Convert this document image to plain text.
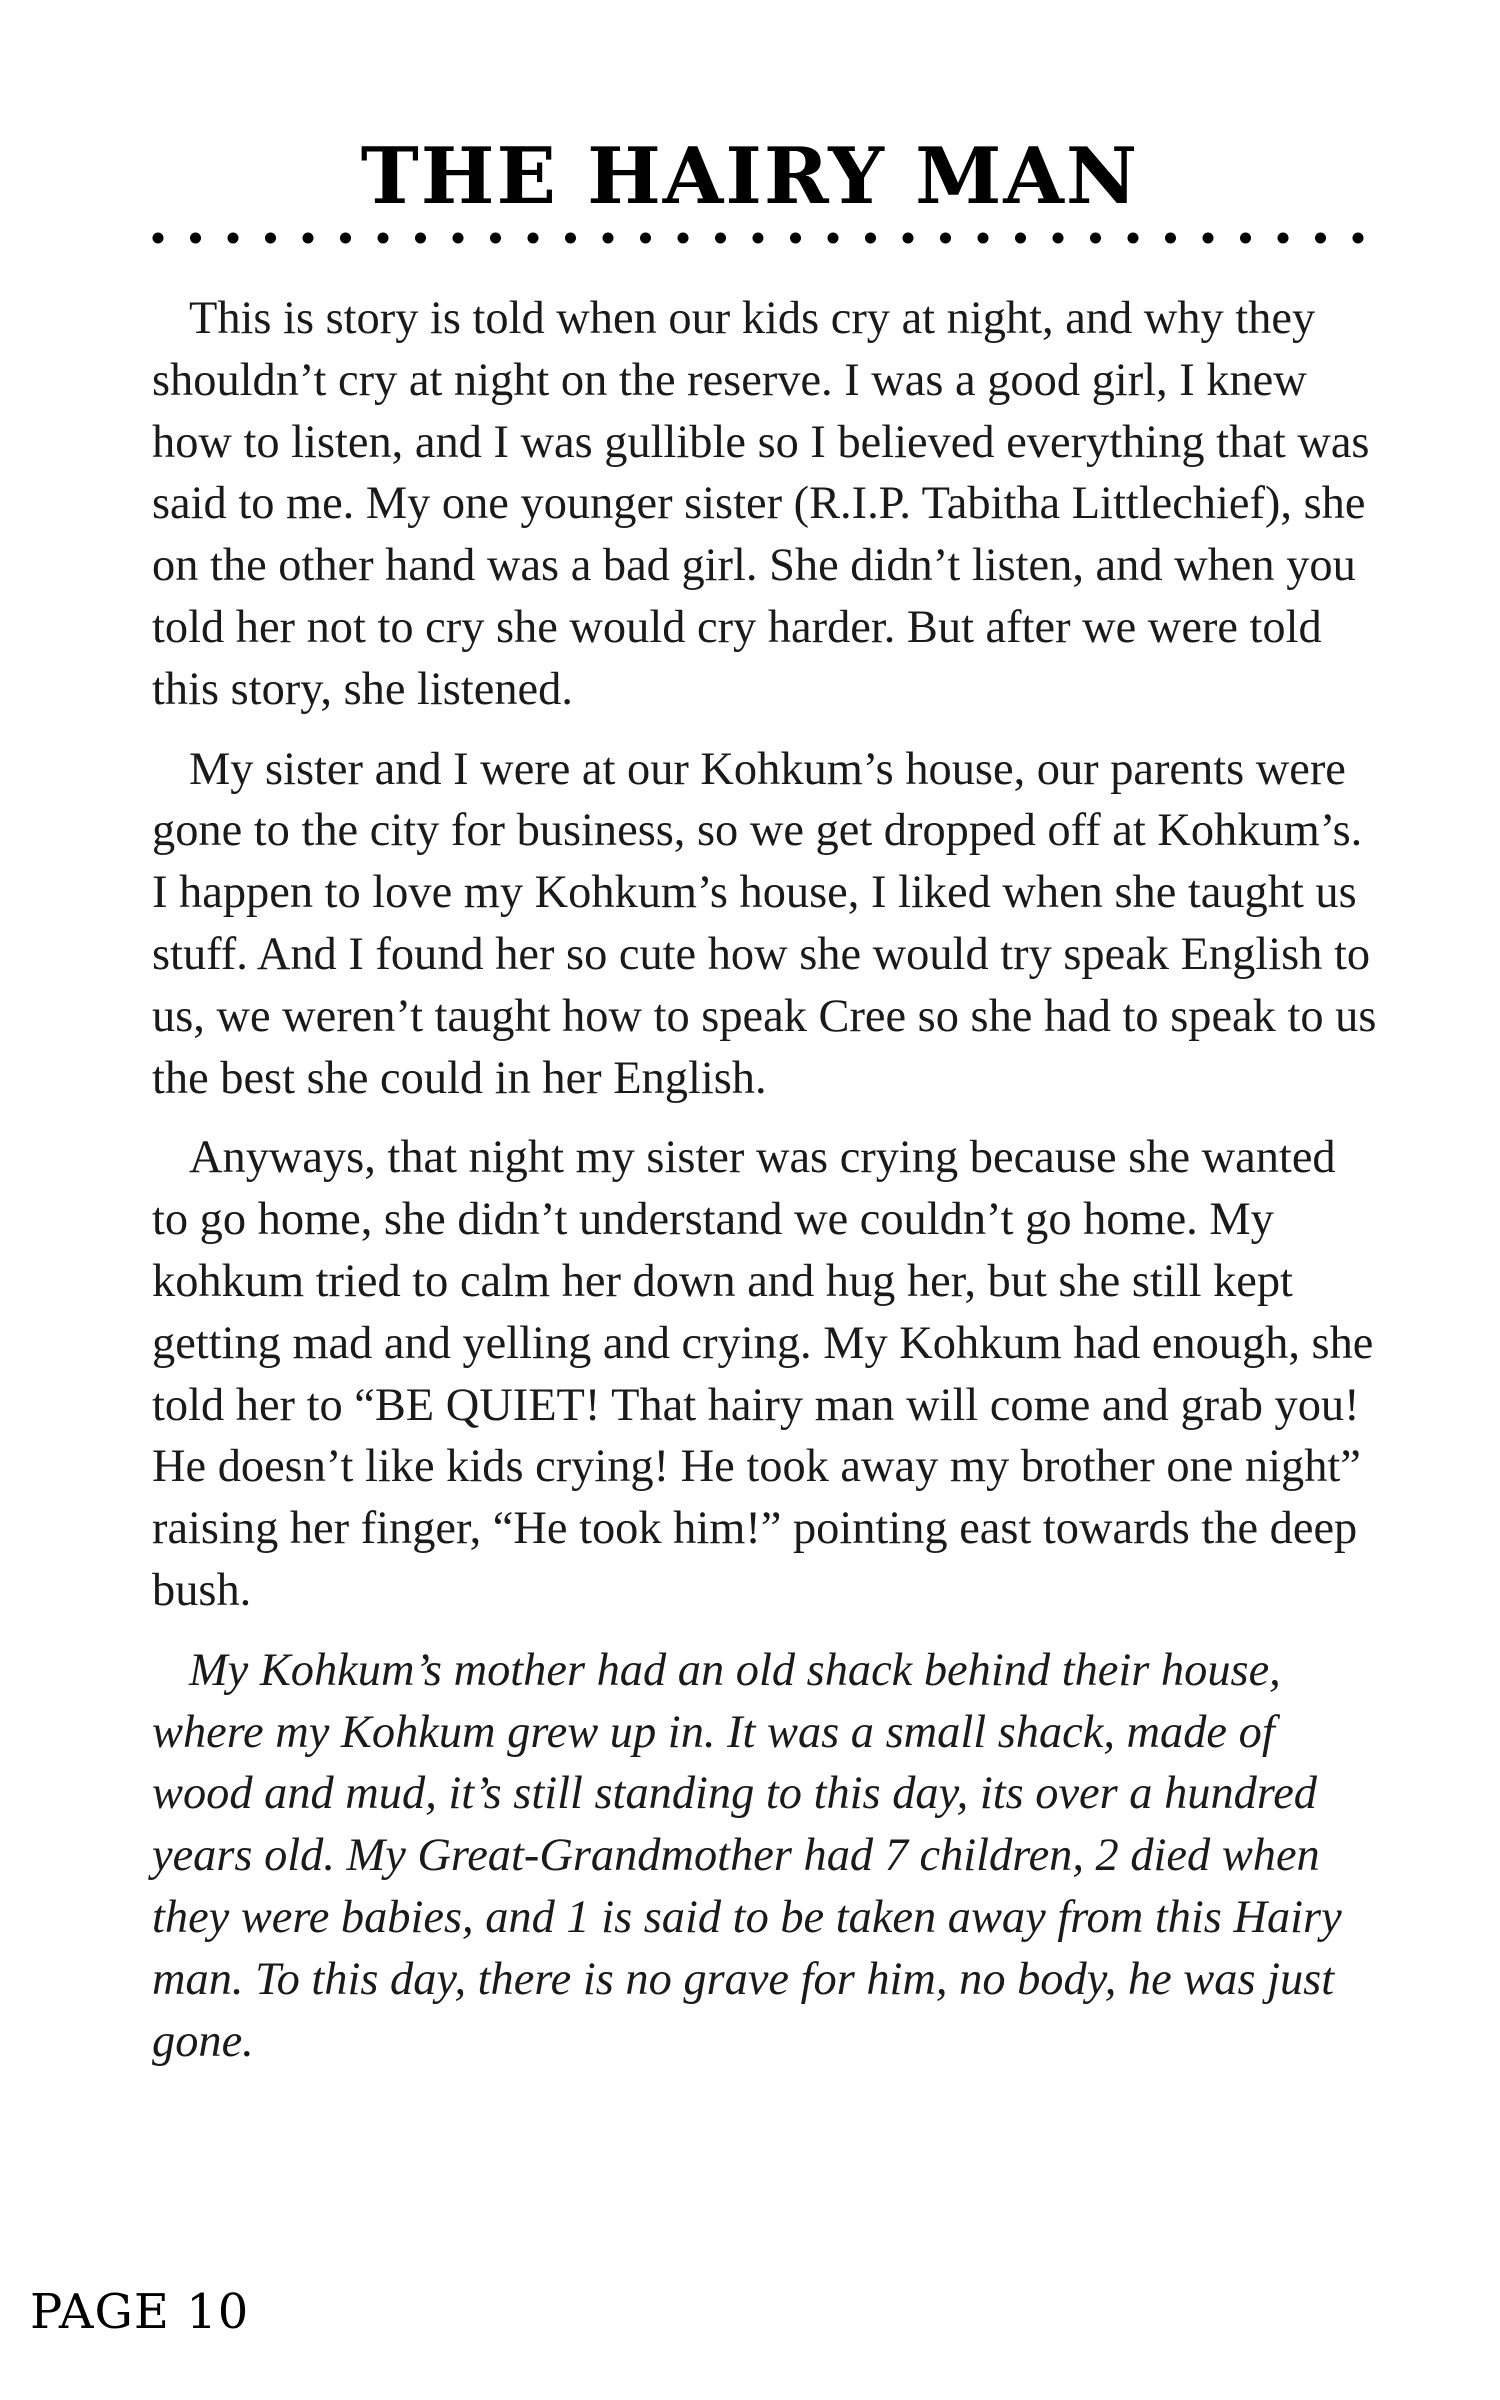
THE HAIRY MAN

This is story is told when our kids cry at night, and why they shouldn’t cry at night on the reserve. I was a good girl, I knew how to listen, and I was gullible so I believed everything that was said to me. My one younger sister (R.I.P. Tabitha Littlechief), she on the other hand was a bad girl. She didn’t listen, and when you told her not to cry she would cry harder. But after we were told this story, she listened.

My sister and I were at our Kohkum’s house, our parents were gone to the city for business, so we get dropped off at Kohkum’s. I happen to love my Kohkum’s house, I liked when she taught us stuff. And I found her so cute how she would try speak English to us, we weren’t taught how to speak Cree so she had to speak to us the best she could in her English.

Anyways, that night my sister was crying because she wanted to go home, she didn’t understand we couldn’t go home. My kohkum tried to calm her down and hug her, but she still kept getting mad and yelling and crying. My Kohkum had enough, she told her to “BE QUIET! That hairy man will come and grab you! He doesn’t like kids crying! He took away my brother one night” raising her finger, “He took him!” pointing east towards the deep bush.

My Kohkum’s mother had an old shack behind their house, where my Kohkum grew up in. It was a small shack, made of wood and mud, it’s still standing to this day, its over a hundred years old. My Great-Grandmother had 7 children, 2 died when they were babies, and 1 is said to be taken away from this Hairy man. To this day, there is no grave for him, no body, he was just gone.

PAGE 10
